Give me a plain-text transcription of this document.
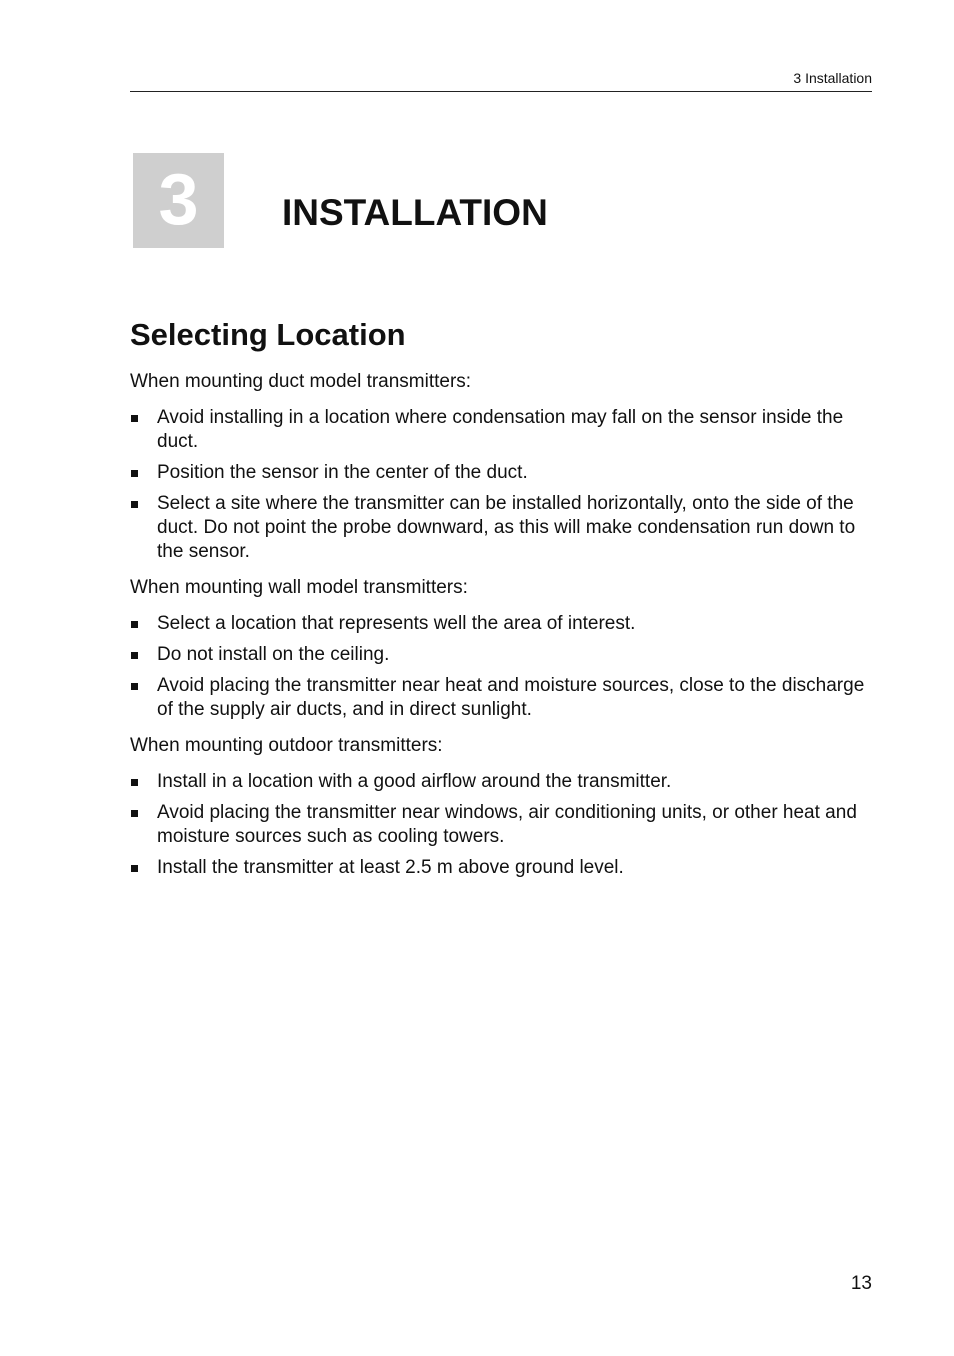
3 Installation
3	INSTALLATION
Selecting Location

When mounting duct model transmitters:

Avoid installing in a location where condensation may fall on the sensor inside the duct.
Position the sensor in the center of the duct.
Select a site where the transmitter can be installed horizontally, onto the side of the duct. Do not point the probe downward, as this will make condensation run down to the sensor.

When mounting wall model transmitters:

Select a location that represents well the area of interest.
Do not install on the ceiling.
Avoid placing the transmitter near heat and moisture sources, close to the discharge of the supply air ducts, and in direct sunlight.

When mounting outdoor transmitters:

Install in a location with a good airflow around the transmitter.
Avoid placing the transmitter near windows, air conditioning units, or other heat and moisture sources such as cooling towers.
Install the transmitter at least 2.5 m above ground level.
13
